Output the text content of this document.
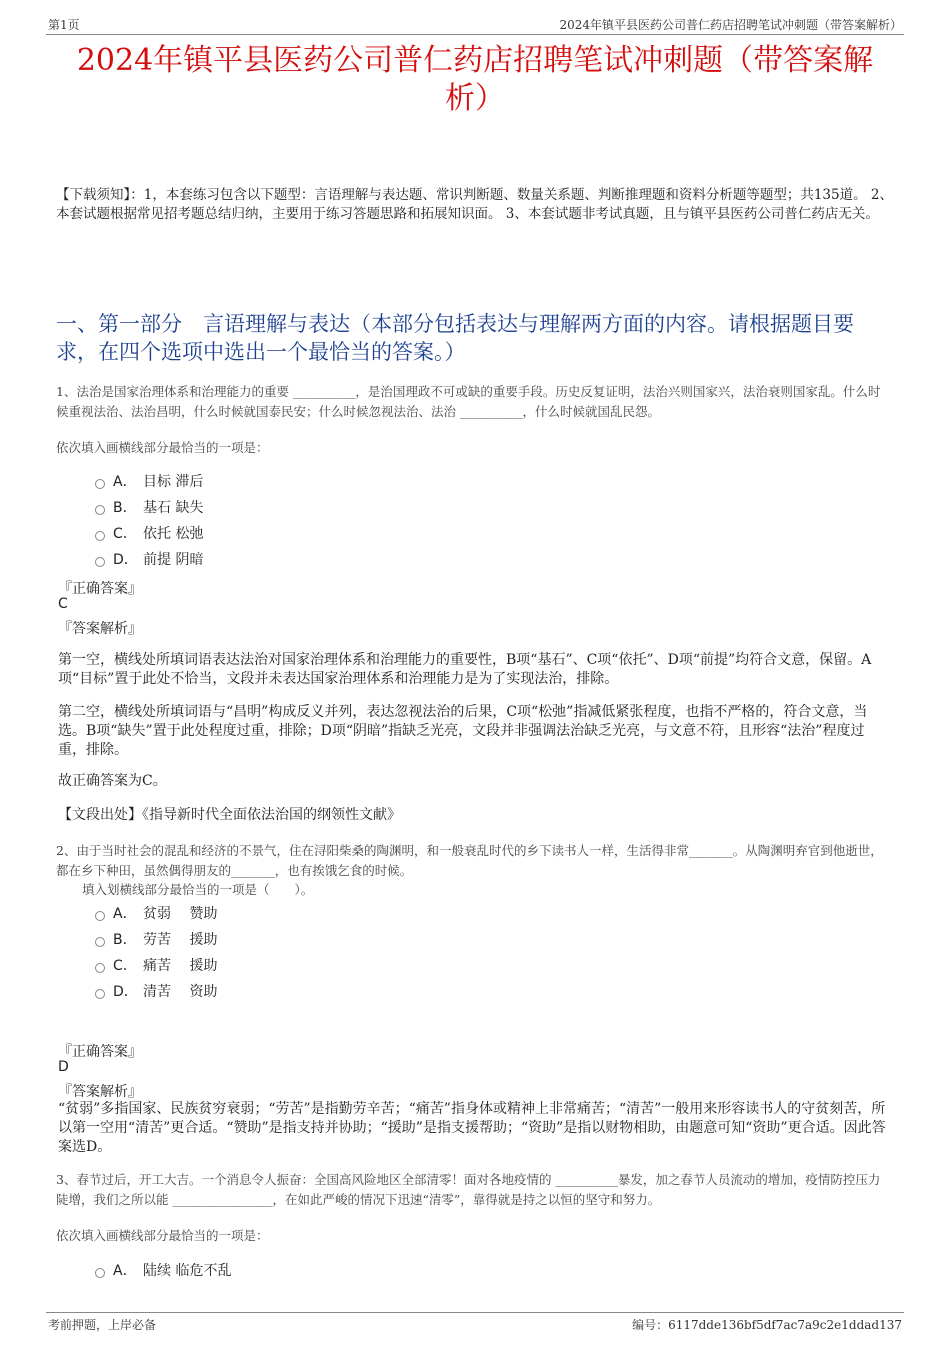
第1页	2024年镇平县医药公司普仁药店招聘笔试冲刺题（带答案解析）
2024年镇平县医药公司普仁药店招聘笔试冲刺题（带答案解析）
【下载须知】：1，本套练习包含以下题型：言语理解与表达题、常识判断题、数量关系题、判断推理题和资料分析题等题型；共135道。 2、本套试题根据常见招考题总结归纳，主要用于练习答题思路和拓展知识面。 3、本套试题非考试真题，且与镇平县医药公司普仁药店无关。
一、第一部分　言语理解与表达（本部分包括表达与理解两方面的内容。请根据题目要求，在四个选项中选出一个最恰当的答案。）
1、法治是国家治理体系和治理能力的重要 __________，是治国理政不可或缺的重要手段。历史反复证明，法治兴则国家兴，法治衰则国家乱。什么时候重视法治、法治昌明，什么时候就国泰民安；什么时候忽视法治、法治 __________，什么时候就国乱民怨。
依次填入画横线部分最恰当的一项是：
A． 目标 滞后
B． 基石 缺失
C． 依托 松弛
D． 前提 阴暗
『正确答案』
C
『答案解析』
第一空，横线处所填词语表达法治对国家治理体系和治理能力的重要性，B项“基石”、C项“依托”、D项“前提”均符合文意，保留。A项“目标”置于此处不恰当，文段并未表达国家治理体系和治理能力是为了实现法治，排除。
第二空，横线处所填词语与“昌明”构成反义并列，表达忽视法治的后果，C项“松弛”指减低紧张程度，也指不严格的，符合文意，当选。B项“缺失”置于此处程度过重，排除；D项“阴暗”指缺乏光亮，文段并非强调法治缺乏光亮，与文意不符，且形容“法治”程度过重，排除。
故正确答案为C。
【文段出处】《指导新时代全面依法治国的纲领性文献》
2、由于当时社会的混乱和经济的不景气，住在浔阳柴桑的陶渊明，和一般衰乱时代的乡下读书人一样，生活得非常_______。从陶渊明弃官到他逝世，都在乡下种田，虽然偶得朋友的_______，也有挨饿乞食的时候。
填入划横线部分最恰当的一项是（　　）。
A． 贫弱　 赞助
B． 劳苦　 援助
C． 痛苦　 援助
D． 清苦　 资助
『正确答案』
D
『答案解析』
“贫弱”多指国家、民族贫穷衰弱；“劳苦”是指勤劳辛苦；“痛苦”指身体或精神上非常痛苦；“清苦”一般用来形容读书人的守贫刻苦，所以第一空用“清苦”更合适。“赞助”是指支持并协助；“援助”是指支援帮助；“资助”是指以财物相助，由题意可知“资助”更合适。因此答案选D。
3、春节过后，开工大吉。一个消息令人振奋：全国高风险地区全部清零！面对各地疫情的 __________暴发，加之春节人员流动的增加，疫情防控压力陡增，我们之所以能 ________________，在如此严峻的情况下迅速“清零”，靠得就是持之以恒的坚守和努力。
依次填入画横线部分最恰当的一项是：
A． 陆续 临危不乱
考前押题，上岸必备	编号：6117dde136bf5df7ac7a9c2e1ddad137
